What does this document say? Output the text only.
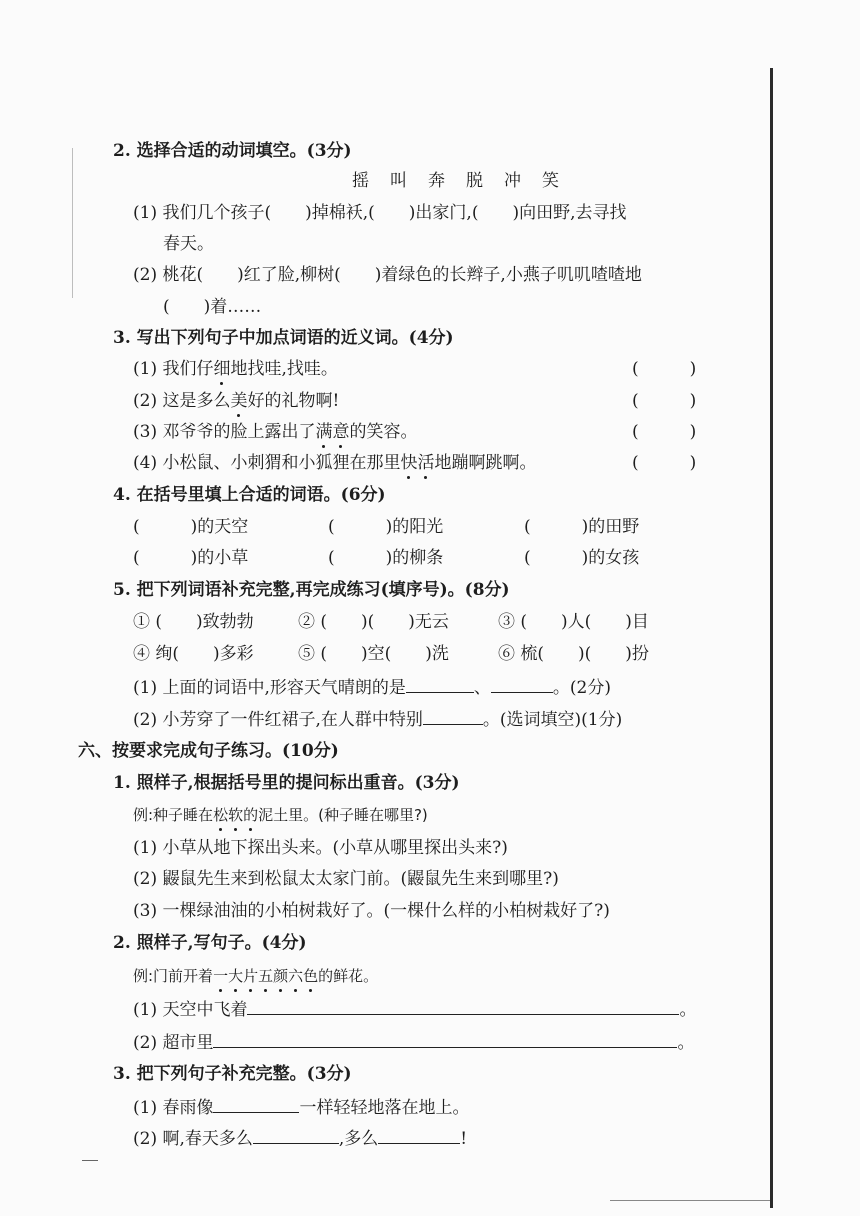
2. 选择合适的动词填空。(3分)
摇 叫 奔 脱 冲 笑
(1) 我们几个孩子(　　)掉棉袄,(　　)出家门,(　　)向田野,去寻找
春天。
(2) 桃花(　　)红了脸,柳树(　　)着绿色的长辫子,小燕子叽叽喳喳地
(　　)着……
3. 写出下列句子中加点词语的近义词。(4分)
(1) 我们仔细地找哇,找哇。	(　　　)
(2) 这是多么美好的礼物啊!	(　　　)
(3) 邓爷爷的脸上露出了满意的笑容。	(　　　)
(4) 小松鼠、小刺猬和小狐狸在那里快活地蹦啊跳啊。	(　　　)
4. 在括号里填上合适的词语。(6分)
(　　　)的天空	(　　　)的阳光	(　　　)的田野
(　　　)的小草	(　　　)的柳条	(　　　)的女孩
5. 把下列词语补充完整,再完成练习(填序号)。(8分)
① (　　)致勃勃	② (　　)(　　)无云	③ (　　)人(　　)目
④ 绚(　　)多彩	⑤ (　　)空(　　)洗	⑥ 梳(　　)(　　)扮
(1) 上面的词语中,形容天气晴朗的是	、	。(2分)
(2) 小芳穿了一件红裙子,在人群中特别	。(选词填空)(1分)
六、按要求完成句子练习。(10分)
1. 照样子,根据括号里的提问标出重音。(3分)
例:种子睡在松软的泥土里。(种子睡在哪里?)
(1) 小草从地下探出头来。(小草从哪里探出头来?)
(2) 鼹鼠先生来到松鼠太太家门前。(鼹鼠先生来到哪里?)
(3) 一棵绿油油的小柏树栽好了。(一棵什么样的小柏树栽好了?)
2. 照样子,写句子。(4分)
例:门前开着一大片五颜六色的鲜花。
(1) 天空中飞着	。
(2) 超市里	。
3. 把下列句子补充完整。(3分)
(1) 春雨像	一样轻轻地落在地上。
(2) 啊,春天多么	,多么	!
